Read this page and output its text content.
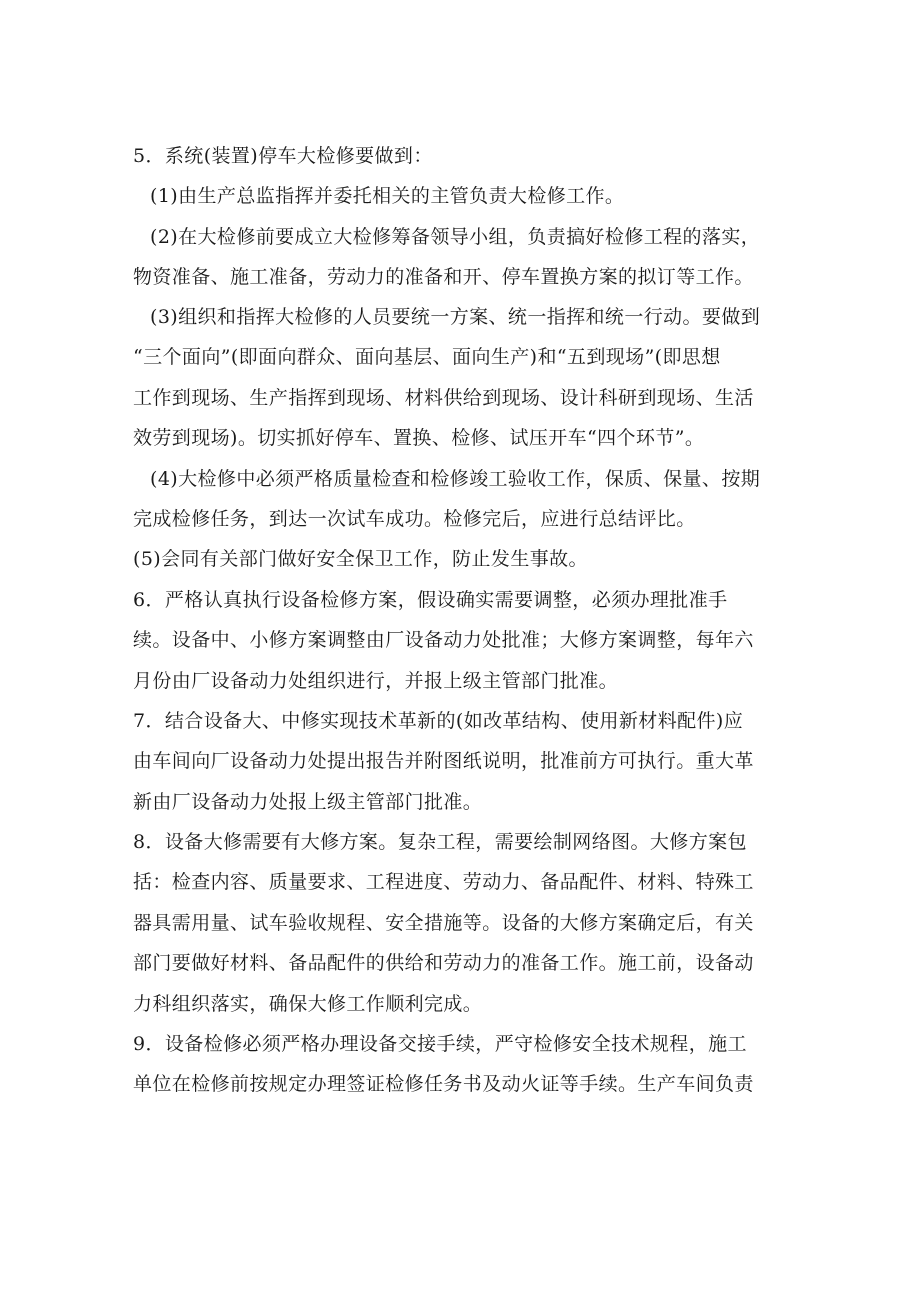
5．系统(装置)停车大检修要做到：
(1)由生产总监指挥并委托相关的主管负责大检修工作。
(2)在大检修前要成立大检修筹备领导小组，负责搞好检修工程的落实，
物资准备、施工准备，劳动力的准备和开、停车置换方案的拟订等工作。
(3)组织和指挥大检修的人员要统一方案、统一指挥和统一行动。要做到
“三个面向”(即面向群众、面向基层、面向生产)和“五到现场”(即思想
工作到现场、生产指挥到现场、材料供给到现场、设计科研到现场、生活
效劳到现场)。切实抓好停车、置换、检修、试压开车“四个环节”。
(4)大检修中必须严格质量检查和检修竣工验收工作，保质、保量、按期
完成检修任务，到达一次试车成功。检修完后，应进行总结评比。
(5)会同有关部门做好安全保卫工作，防止发生事故。
6．严格认真执行设备检修方案，假设确实需要调整，必须办理批准手
续。设备中、小修方案调整由厂设备动力处批准；大修方案调整，每年六
月份由厂设备动力处组织进行，并报上级主管部门批准。
7．结合设备大、中修实现技术革新的(如改革结构、使用新材料配件)应
由车间向厂设备动力处提出报告并附图纸说明，批准前方可执行。重大革
新由厂设备动力处报上级主管部门批准。
8．设备大修需要有大修方案。复杂工程，需要绘制网络图。大修方案包
括：检查内容、质量要求、工程进度、劳动力、备品配件、材料、特殊工
器具需用量、试车验收规程、安全措施等。设备的大修方案确定后，有关
部门要做好材料、备品配件的供给和劳动力的准备工作。施工前，设备动
力科组织落实，确保大修工作顺利完成。
9．设备检修必须严格办理设备交接手续，严守检修安全技术规程，施工
单位在检修前按规定办理签证检修任务书及动火证等手续。生产车间负责
